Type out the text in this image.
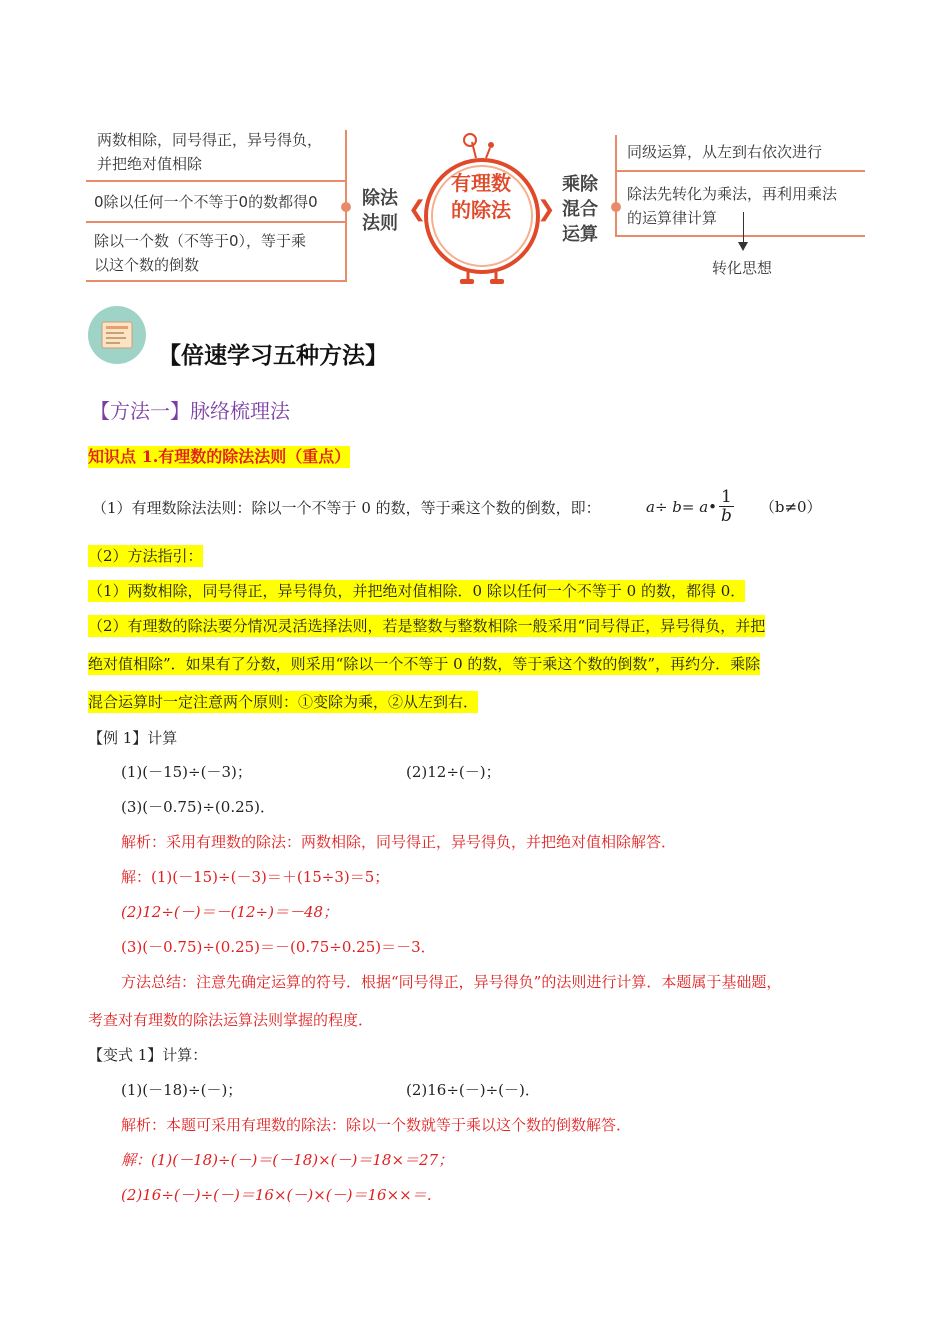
两数相除，同号得正，异号得负，
并把绝对值相除
0除以任何一个不等于0的数都得0
除以一个数（不等于0），等于乘
以这个数的倒数
除法
法则
❮
有理数
的除法	❯
乘除
混合
运算
同级运算，从左到右依次进行
除法先转化为乘法，再利用乘法
的运算律计算
转化思想
【倍速学习五种方法】
【方法一】脉络梳理法
知识点 1.有理数的除法法则（重点）
（1）有理数除法法则：除以一个不等于 0 的数，等于乘这个数的倒数，即：	a÷ b= a• $\frac{1}{b} (b\ne 0)$
（2）方法指引：
（1）两数相除，同号得正，异号得负，并把绝对值相除．0 除以任何一个不等于 0 的数，都得 0．
（2）有理数的除法要分情况灵活选择法则，若是整数与整数相除一般采用“同号得正，异号得负，并把
绝对值相除”．如果有了分数，则采用“除以一个不等于 0 的数，等于乘这个数的倒数”，再约分．乘除
混合运算时一定注意两个原则：①变除为乘，②从左到右．
【例 1】计算
(1)(－15)÷(－3)；	(2)12÷(－)；
(3)(－0.75)÷(0.25)．
解析：采用有理数的除法：两数相除，同号得正，异号得负，并把绝对值相除解答．
解：(1)(－15)÷(－3)＝＋(15÷3)＝5；
(2)12÷(－)＝－(12÷)＝－48；
(3)(－0.75)÷(0.25)＝－(0.75÷0.25)＝－3．
方法总结：注意先确定运算的符号．根据“同号得正，异号得负”的法则进行计算．本题属于基础题，
考查对有理数的除法运算法则掌握的程度．
【变式 1】计算：
(1)(－18)÷(－)；	(2)16÷(－)÷(－)．
解析：本题可采用有理数的除法：除以一个数就等于乘以这个数的倒数解答．
解：(1)(－18)÷(－)＝(－18)×(－)＝18×＝27；
(2)16÷(－)÷(－)＝16×(－)×(－)＝16××＝．
